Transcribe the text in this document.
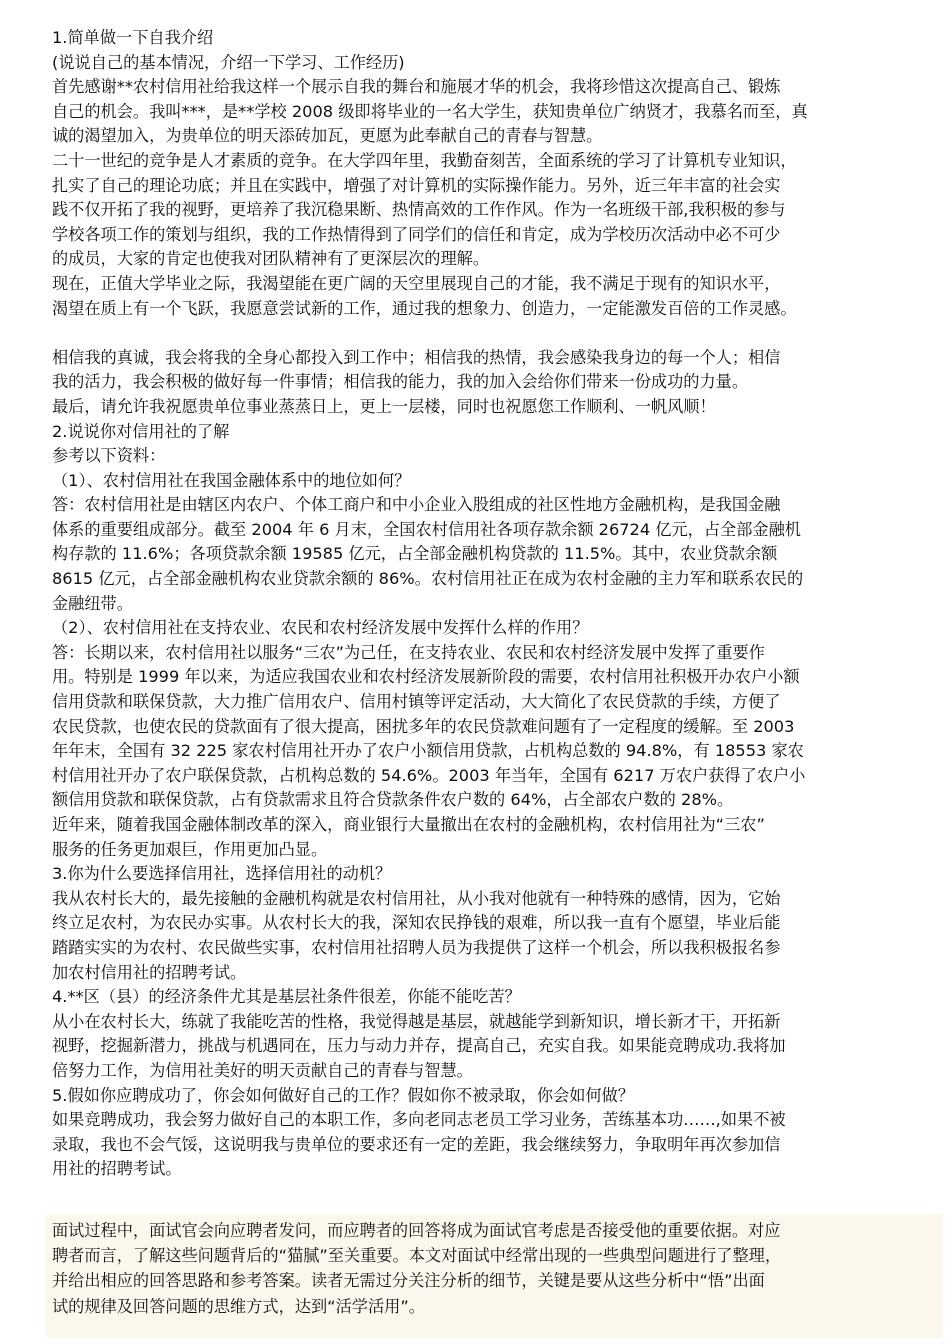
1.简单做一下自我介绍
(说说自己的基本情况，介绍一下学习、工作经历)
首先感谢**农村信用社给我这样一个展示自我的舞台和施展才华的机会，我将珍惜这次提高自己、锻炼
自己的机会。我叫***，是**学校 2008 级即将毕业的一名大学生，获知贵单位广纳贤才，我慕名而至，真
诚的渴望加入，为贵单位的明天添砖加瓦，更愿为此奉献自己的青春与智慧。
二十一世纪的竞争是人才素质的竞争。在大学四年里，我勤奋刻苦，全面系统的学习了计算机专业知识，
扎实了自己的理论功底；并且在实践中，增强了对计算机的实际操作能力。另外，近三年丰富的社会实
践不仅开拓了我的视野，更培养了我沉稳果断、热情高效的工作作风。作为一名班级干部,我积极的参与
学校各项工作的策划与组织，我的工作热情得到了同学们的信任和肯定，成为学校历次活动中必不可少
的成员，大家的肯定也使我对团队精神有了更深层次的理解。
现在，正值大学毕业之际，我渴望能在更广阔的天空里展现自己的才能，我不满足于现有的知识水平，
渴望在质上有一个飞跃，我愿意尝试新的工作，通过我的想象力、创造力，一定能激发百倍的工作灵感。
相信我的真诚，我会将我的全身心都投入到工作中；相信我的热情，我会感染我身边的每一个人；相信
我的活力，我会积极的做好每一件事情；相信我的能力，我的加入会给你们带来一份成功的力量。
最后，请允许我祝愿贵单位事业蒸蒸日上，更上一层楼，同时也祝愿您工作顺利、一帆风顺！
2.说说你对信用社的了解
参考以下资料：
（1）、农村信用社在我国金融体系中的地位如何？
答：农村信用社是由辖区内农户、个体工商户和中小企业入股组成的社区性地方金融机构，是我国金融
体系的重要组成部分。截至 2004 年 6 月末，全国农村信用社各项存款余额 26724 亿元，占全部金融机
构存款的 11.6%；各项贷款余额 19585 亿元，占全部金融机构贷款的 11.5%。其中，农业贷款余额
8615 亿元，占全部金融机构农业贷款余额的 86%。农村信用社正在成为农村金融的主力军和联系农民的
金融纽带。
（2）、农村信用社在支持农业、农民和农村经济发展中发挥什么样的作用？
答：长期以来，农村信用社以服务“三农”为己任，在支持农业、农民和农村经济发展中发挥了重要作
用。特别是 1999 年以来，为适应我国农业和农村经济发展新阶段的需要，农村信用社积极开办农户小额
信用贷款和联保贷款，大力推广信用农户、信用村镇等评定活动，大大简化了农民贷款的手续，方便了
农民贷款，也使农民的贷款面有了很大提高，困扰多年的农民贷款难问题有了一定程度的缓解。至 2003
年年末，全国有 32 225 家农村信用社开办了农户小额信用贷款，占机构总数的 94.8%，有 18553 家农
村信用社开办了农户联保贷款，占机构总数的 54.6%。2003 年当年，全国有 6217 万农户获得了农户小
额信用贷款和联保贷款，占有贷款需求且符合贷款条件农户数的 64%，占全部农户数的 28%。
近年来，随着我国金融体制改革的深入，商业银行大量撤出在农村的金融机构，农村信用社为“三农”
服务的任务更加艰巨，作用更加凸显。
3.你为什么要选择信用社，选择信用社的动机？
我从农村长大的，最先接触的金融机构就是农村信用社，从小我对他就有一种特殊的感情，因为，它始
终立足农村，为农民办实事。从农村长大的我，深知农民挣钱的艰难，所以我一直有个愿望，毕业后能
踏踏实实的为农村、农民做些实事，农村信用社招聘人员为我提供了这样一个机会，所以我积极报名参
加农村信用社的招聘考试。
4.**区（县）的经济条件尤其是基层社条件很差，你能不能吃苦？
从小在农村长大，练就了我能吃苦的性格，我觉得越是基层，就越能学到新知识，增长新才干，开拓新
视野，挖掘新潜力，挑战与机遇同在，压力与动力并存，提高自己，充实自我。如果能竞聘成功.我将加
倍努力工作，为信用社美好的明天贡献自己的青春与智慧。
5.假如你应聘成功了，你会如何做好自己的工作？假如你不被录取，你会如何做？
如果竞聘成功，我会努力做好自己的本职工作，多向老同志老员工学习业务，苦练基本功……,如果不被
录取，我也不会气馁，这说明我与贵单位的要求还有一定的差距，我会继续努力，争取明年再次参加信
用社的招聘考试。
面试过程中，面试官会向应聘者发问，而应聘者的回答将成为面试官考虑是否接受他的重要依据。对应
聘者而言，了解这些问题背后的“猫腻”至关重要。本文对面试中经常出现的一些典型问题进行了整理，
并给出相应的回答思路和参考答案。读者无需过分关注分析的细节，关键是要从这些分析中“悟”出面
试的规律及回答问题的思维方式，达到“活学活用”。
